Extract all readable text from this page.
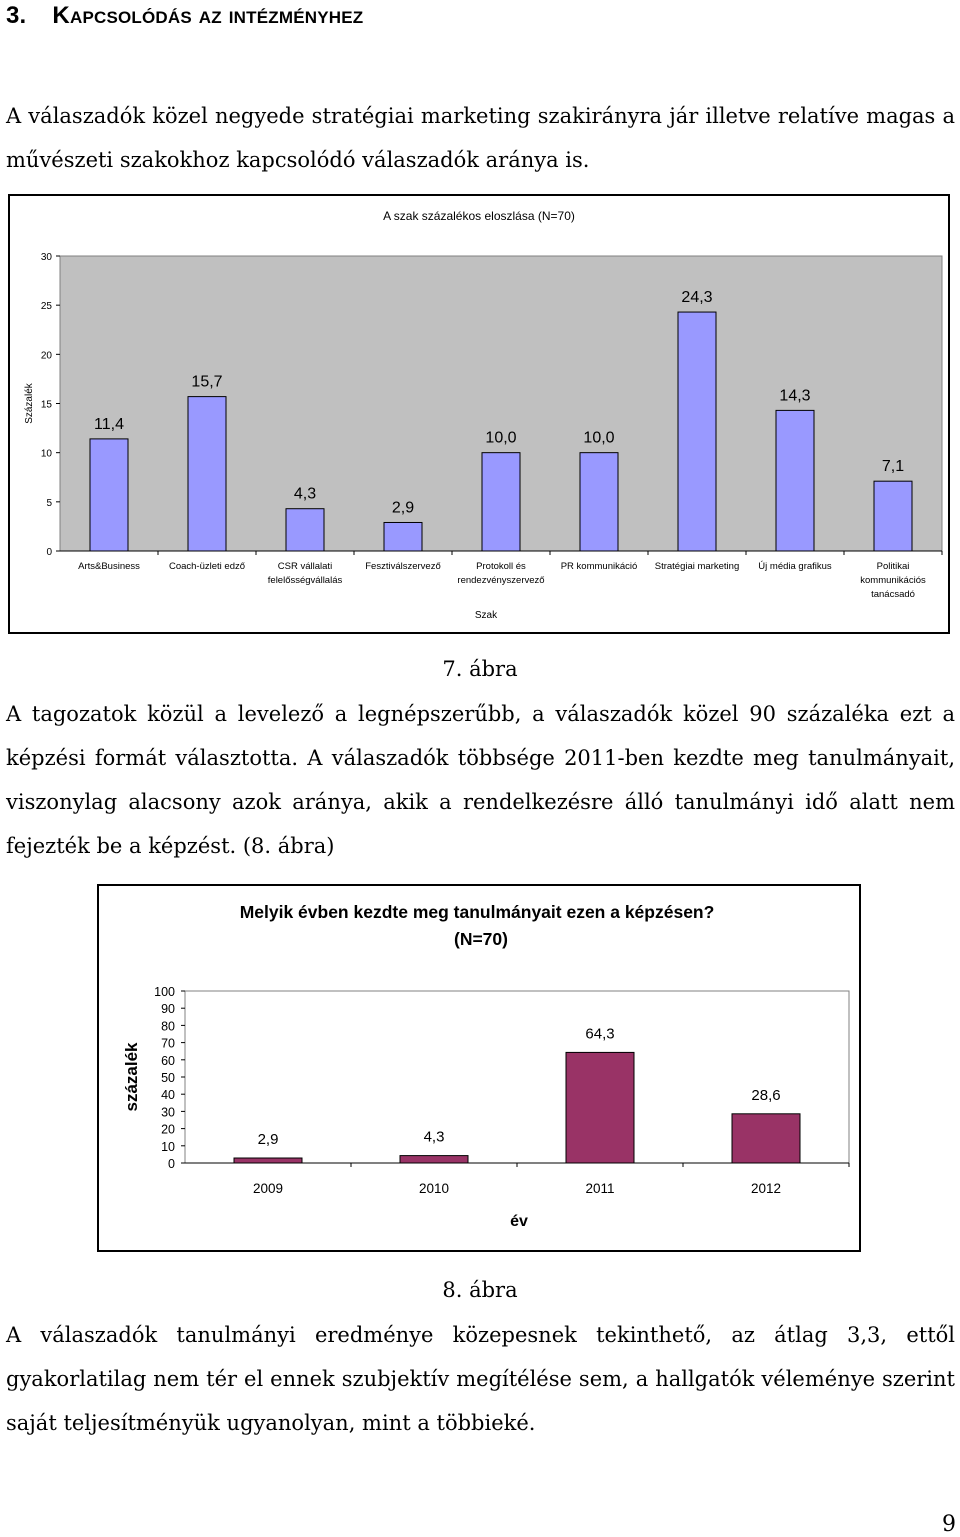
3. Kapcsolódás az intézményhez
A válaszadók közel negyede stratégiai marketing szakirányra jár illetve relatíve magas a művészeti szakokhoz kapcsolódó válaszadók aránya is.
A szak százalékos eloszlása (N=70)
0
5
10
15
20
25
30
Százalék
11,4
Arts&Business
15,7
Coach-üzleti edző
4,3
CSR vállalati
felelősségvállalás
2,9
Fesztiválszervező
10,0
Protokoll és
rendezvényszervező
10,0
PR kommunikáció
24,3
Stratégiai marketing
14,3
Új média grafikus
7,1
Politikai
kommunikációs
tanácsadó
Szak
7. ábra
A tagozatok közül a levelező a legnépszerűbb, a válaszadók közel 90 százaléka ezt a képzési formát választotta. A válaszadók többsége 2011-ben kezdte meg tanulmányait, viszonylag alacsony azok aránya, akik a rendelkezésre álló tanulmányi idő alatt nem fejezték be a képzést. (8. ábra)
Melyik évben kezdte meg tanulmányait ezen a képzésen?
(N=70)
0
10
20
30
40
50
60
70
80
90
100
százalék
2,9
2009
4,3
2010
64,3
2011
28,6
2012
év
8. ábra
A válaszadók tanulmányi eredménye közepesnek tekinthető, az átlag 3,3, ettől gyakorlatilag nem tér el ennek szubjektív megítélése sem, a hallgatók véleménye szerint saját teljesítményük ugyanolyan, mint a többieké.
9
